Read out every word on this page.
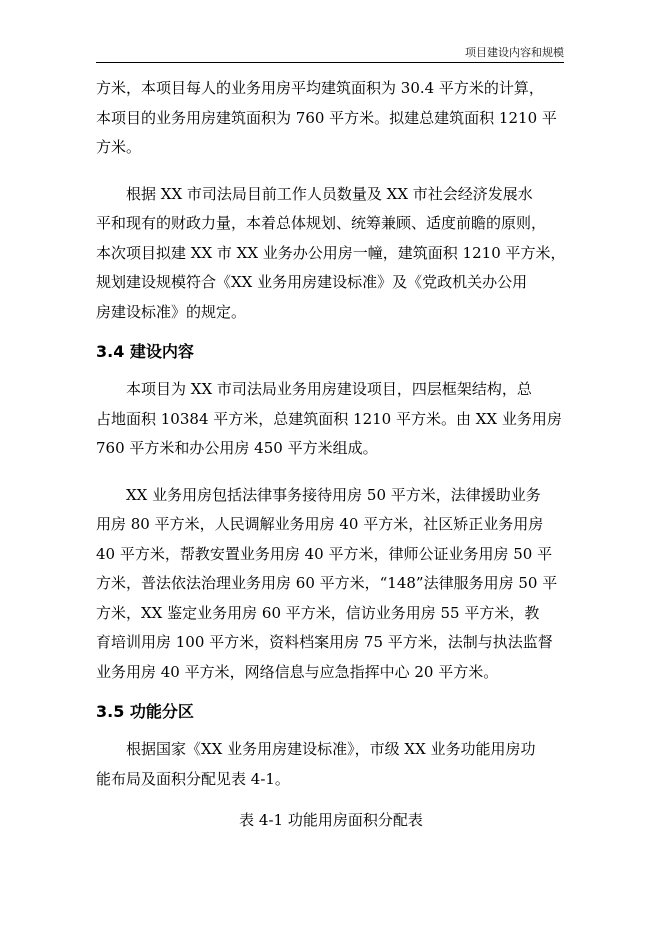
项目建设内容和规模

方米，本项目每人的业务用房平均建筑面积为 30.4 平方米的计算，
本项目的业务用房建筑面积为 760 平方米。拟建总建筑面积 1210 平
方米。

根据 XX 市司法局目前工作人员数量及 XX 市社会经济发展水
平和现有的财政力量，本着总体规划、统筹兼顾、适度前瞻的原则，
本次项目拟建 XX 市 XX 业务办公用房一幢，建筑面积 1210 平方米，
规划建设规模符合《XX 业务用房建设标准》及《党政机关办公用
房建设标准》的规定。

3.4 建设内容

本项目为 XX 市司法局业务用房建设项目，四层框架结构，总
占地面积 10384 平方米，总建筑面积 1210 平方米。由 XX 业务用房
760 平方米和办公用房 450 平方米组成。

XX 业务用房包括法律事务接待用房 50 平方米，法律援助业务
用房 80 平方米，人民调解业务用房 40 平方米，社区矫正业务用房
40 平方米，帮教安置业务用房 40 平方米，律师公证业务用房 50 平
方米，普法依法治理业务用房 60 平方米，“148”法律服务用房 50 平
方米，XX 鉴定业务用房 60 平方米，信访业务用房 55 平方米，教
育培训用房 100 平方米，资料档案用房 75 平方米，法制与执法监督
业务用房 40 平方米，网络信息与应急指挥中心 20 平方米。

3.5 功能分区

根据国家《XX 业务用房建设标准》，市级 XX 业务功能用房功
能布局及面积分配见表 4-1。

表 4-1 功能用房面积分配表
